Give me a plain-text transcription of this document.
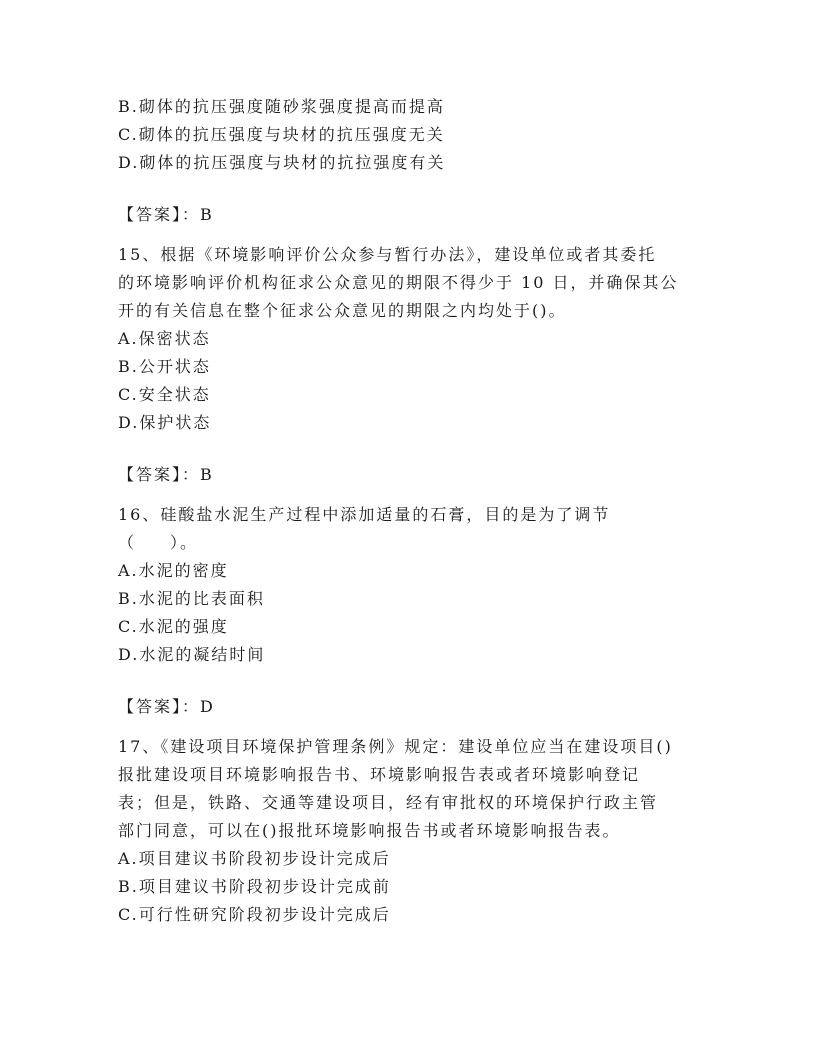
B.砌体的抗压强度随砂浆强度提高而提高
C.砌体的抗压强度与块材的抗压强度无关
D.砌体的抗压强度与块材的抗拉强度有关
【答案】：B
15、根据《环境影响评价公众参与暂行办法》，建设单位或者其委托
的环境影响评价机构征求公众意见的期限不得少于 10 日，并确保其公
开的有关信息在整个征求公众意见的期限之内均处于()。
A.保密状态
B.公开状态
C.安全状态
D.保护状态
【答案】：B
16、硅酸盐水泥生产过程中添加适量的石膏，目的是为了调节
（ ）。
A.水泥的密度
B.水泥的比表面积
C.水泥的强度
D.水泥的凝结时间
【答案】：D
17、《建设项目环境保护管理条例》规定：建设单位应当在建设项目()
报批建设项目环境影响报告书、环境影响报告表或者环境影响登记
表；但是，铁路、交通等建设项目，经有审批权的环境保护行政主管
部门同意，可以在()报批环境影响报告书或者环境影响报告表。
A.项目建议书阶段初步设计完成后
B.项目建议书阶段初步设计完成前
C.可行性研究阶段初步设计完成后
